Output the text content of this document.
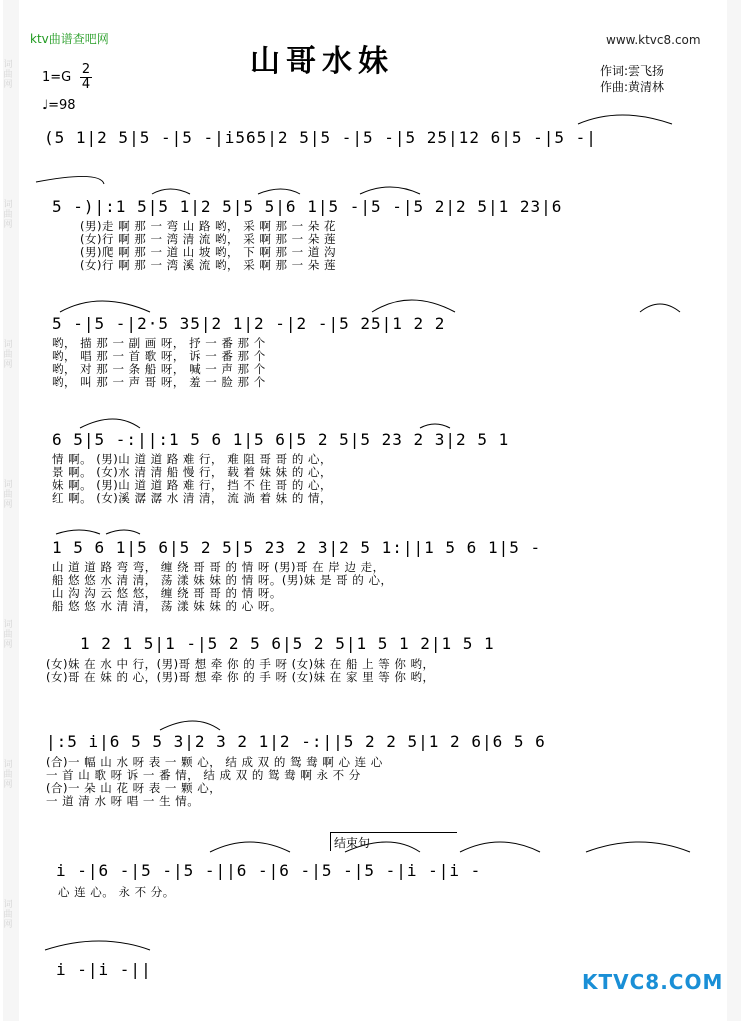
词
曲
网
词
曲
网
词
曲
网
词
曲
网
词
曲
网
词
曲
网
词
曲
网
ktv曲谱查吧网	www.ktvc8.com
山哥水妹	作词:雲飞扬
作曲:黄清林
1=G
2
4
♩=98
(5 1|2 5|5 -|5 -|i565|2 5|5 -|5 -|5 25|12 6|5 -|5 -|
5 -)|:1 5|5 1|2 5|5 5|6 1|5 -|5 -|5 2|2 5|1 23|6
(男)走 啊 那 一 弯 山 路 哟， 采 啊 那 一 朵 花
(女)行 啊 那 一 湾 清 流 哟， 采 啊 那 一 朵 莲
(男)爬 啊 那 一 道 山 坡 哟， 下 啊 那 一 道 沟
(女)行 啊 那 一 湾 溪 流 哟， 采 啊 那 一 朵 莲
5 -|5 -|2·5 35|2 1|2 -|2 -|5 25|1 2 2
哟， 描 那 一 副 画 呀， 抒 一 番 那 个
哟， 唱 那 一 首 歌 呀， 诉 一 番 那 个
哟， 对 那 一 条 船 呀， 喊 一 声 那 个
哟， 叫 那 一 声 哥 呀， 羞 一 脸 那 个
6 5|5 -:||:1 5 6 1|5 6|5 2 5|5 23 2 3|2 5 1
情 啊。 (男)山 道 道 路 难 行， 难 阻 哥 哥 的 心，
景 啊。 (女)水 清 清 船 慢 行， 载 着 妹 妹 的 心，
妹 啊。 (男)山 道 道 路 难 行， 挡 不 住 哥 的 心，
红 啊。 (女)溪 潺 潺 水 清 清， 流 淌 着 妹 的 情，
1 5 6 1|5 6|5 2 5|5 23 2 3|2 5 1:||1 5 6 1|5 -
山 道 道 路 弯 弯， 缠 绕 哥 哥 的 情 呀 (男)哥 在 岸 边 走，
船 悠 悠 水 清 清， 荡 漾 妹 妹 的 情 呀。(男)妹 是 哥 的 心，
山 沟 沟 云 悠 悠， 缠 绕 哥 哥 的 情 呀。
船 悠 悠 水 清 清， 荡 漾 妹 妹 的 心 呀。
1 2 1 5|1 -|5 2 5 6|5 2 5|1 5 1 2|1 5 1
(女)妹 在 水 中 行，(男)哥 想 牵 你 的 手 呀 (女)妹 在 船 上 等 你 哟，
(女)哥 在 妹 的 心，(男)哥 想 牵 你 的 手 呀 (女)妹 在 家 里 等 你 哟，
|:5 i|6 5 5 3|2 3 2 1|2 -:||5 2 2 5|1 2 6|6 5 6
(合)一 幅 山 水 呀 表 一 颗 心， 结 成 双 的 鸳 鸯 啊 心 连 心
一 首 山 歌 呀 诉 一 番 情， 结 成 双 的 鸳 鸯 啊 永 不 分
(合)一 朵 山 花 呀 表 一 颗 心，
一 道 清 水 呀 唱 一 生 情。
结束句
i -|6 -|5 -|5 -||6 -|6 -|5 -|5 -|i -|i -
心 连 心。 永 不 分。
i -|i -||
KTVC8.COM
